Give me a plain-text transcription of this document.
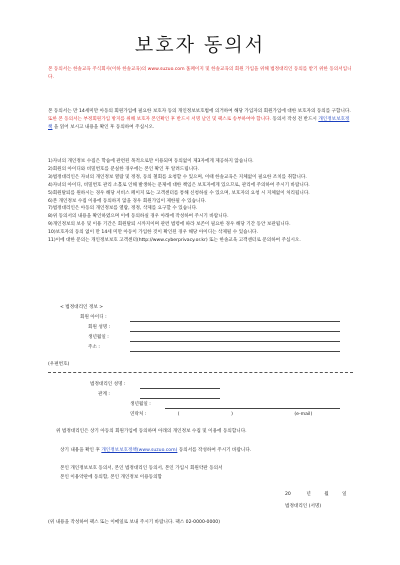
보호자 동의서
본 동의서는 한솔교육 주식회사(이하 한솔교육)의 www.suzuo.com 홈페이지 및 한솔교육의 회원 가입을 위해 법정대리인 동의를 받기 위한 동의서입니다.
본 동의서는 만 14세미만 아동의 회원가입에 필요한 보호자 동의 개인정보보호법에 의거하여 해당 가입자의 회원가입에 대한 보호자의 동의를 구합니다. 또한 본 동의서는 부정회원가입 방지를 위해 보호자 본인확인 후 반드시 서명 날인 및 팩스로 송부하여야 합니다. 동의서 작성 전 반드시 개인정보보호정책 을 읽어 보시고 내용을 확인 후 동의하여 주십시오.
1)자녀의 개인정보 수집은 학습에 관련된 목적으로만 이용되며 동의없이 제3자에게 제공하지 않습니다.
2)회원의 아이디와 비밀번호를 분실한 경우에는 본인 확인 후 알려드립니다.
3)법정대리인은 자녀의 개인정보 열람 및 정정, 동의 철회를 요청할 수 있으며, 이때 한솔교육은 지체없이 필요한 조치를 취합니다.
4)자녀의 아이디, 비밀번호 관리 소홀로 인해 발생하는 문제에 대한 책임은 보호자에게 있으므로, 관리에 주의하여 주시기 바랍니다.
5)회원탈퇴를 원하시는 경우 해당 서비스 페이지 또는 고객센터를 통해 신청하실 수 있으며, 보호자의 요청 시 지체없이 처리됩니다.
6)본 개인정보 수집 이용에 동의하지 않을 경우 회원가입이 제한될 수 있습니다.
7)법정대리인은 아동의 개인정보를 열람, 정정, 삭제를 요구할 수 있습니다.
8)위 동의서의 내용을 확인하였으며 이에 동의하실 경우 아래에 작성하여 주시기 바랍니다.
9)개인정보의 보유 및 이용 기간은 회원탈퇴 시까지이며 관련 법령에 따라 보존이 필요한 경우 해당 기간 동안 보관됩니다.
10)보호자의 동의 없이 만 14세 미만 아동이 가입한 것이 확인된 경우 해당 아이디는 삭제될 수 있습니다.
11)이에 대한 문의는 개인정보보호 고객센터(http://www.cyberprivacy.or.kr) 또는 한솔교육 고객센터로 문의하여 주십시오.
< 법정대리인 정보 >
회원 아이디 :
회원 성명 :
생년월일 :
주소 :
(우편번호)
법정대리인 성명 :
관계 :
생년월일 :
연락처 :	(	)	(e-mail)
위 법정대리인은 상기 아동의 회원가입에 동의하며 아래의 개인정보 수집 및 이용에 동의합니다.
상기 내용을 확인 후 개인정보보호정책(www.suzuo.com) 동의서를 작성하여 주시기 바랍니다.
본인 개인정보보호 동의서, 본인 법정대리인 동의서, 본인 가입시 회원약관 동의서
본인 이용약관에 동의함, 본인 개인정보 이용동의함
20	년	월	일
법정대리인 (서명)
(위 내용을 작성하여 팩스 또는 이메일로 보내 주시기 바랍니다. 팩스 02-0000-0000)
